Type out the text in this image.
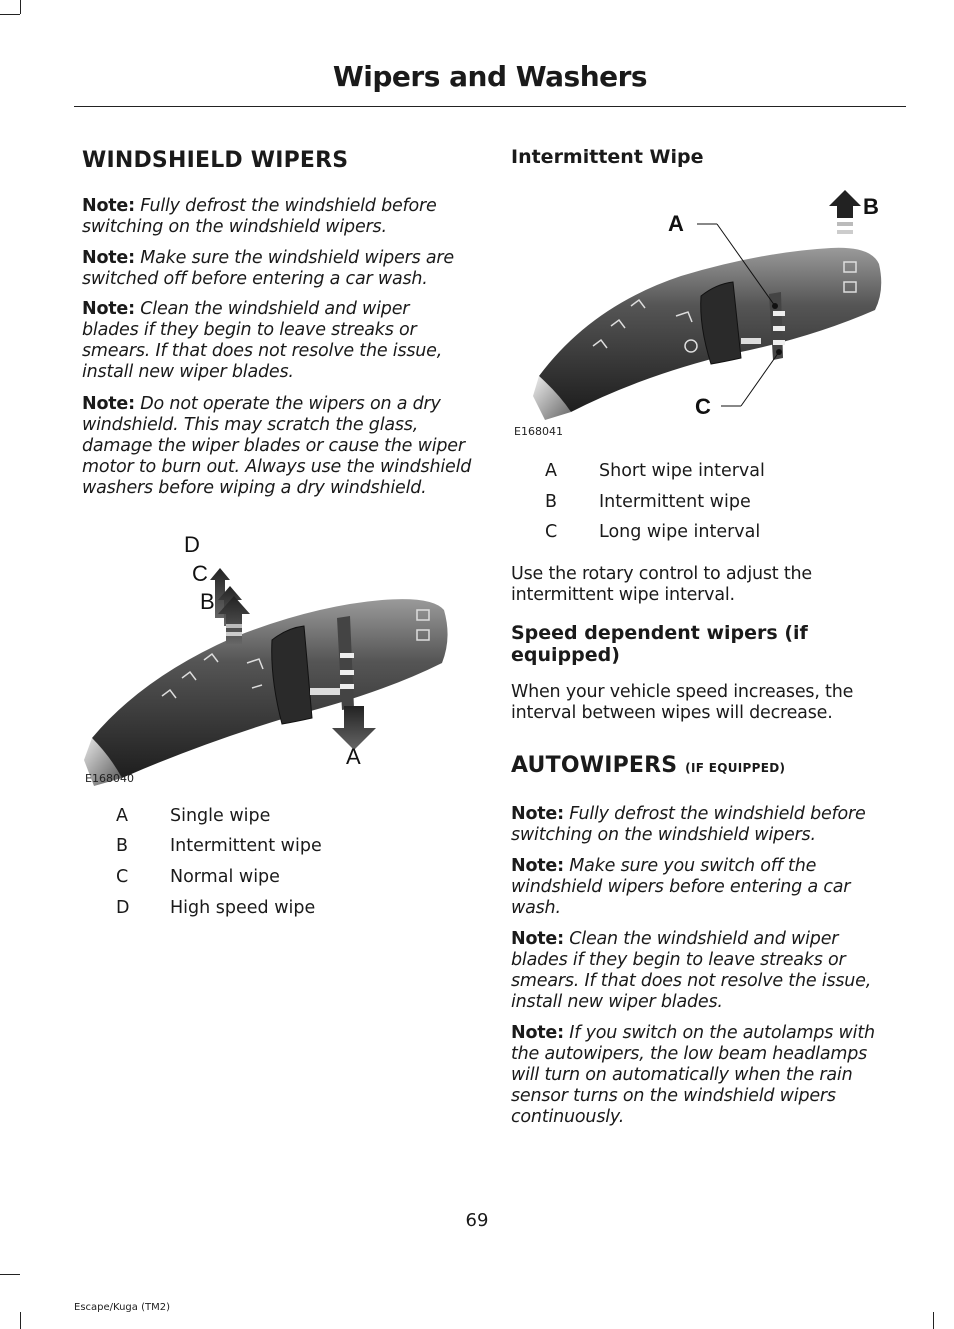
Wipers and Washers
WINDSHIELD WIPERS

Note: Fully defrost the windshield before switching on the windshield wipers.

Note: Make sure the windshield wipers are switched off before entering a car wash.

Note: Clean the windshield and wiper blades if they begin to leave streaks or smears. If that does not resolve the issue, install new wiper blades.

Note: Do not operate the wipers on a dry windshield. This may scratch the glass, damage the wiper blades or cause the wiper motor to burn out. Always use the windshield washers before wiping a dry windshield.

D
C
B
A
E168040
A	Single wipe
B	Intermittent wipe
C	Normal wipe
D	High speed wipe
Intermittent Wipe
A
B
C
E168041
A	Short wipe interval
B	Intermittent wipe
C	Long wipe interval

Use the rotary control to adjust the intermittent wipe interval.

Speed dependent wipers (if equipped)

When your vehicle speed increases, the interval between wipes will decrease.

AUTOWIPERS (IF EQUIPPED)

Note: Fully defrost the windshield before switching on the windshield wipers.

Note: Make sure you switch off the windshield wipers before entering a car wash.

Note: Clean the windshield and wiper blades if they begin to leave streaks or smears. If that does not resolve the issue, install new wiper blades.

Note: If you switch on the autolamps with the autowipers, the low beam headlamps will turn on automatically when the rain sensor turns on the windshield wipers continuously.

69
Escape/Kuga (TM2)
